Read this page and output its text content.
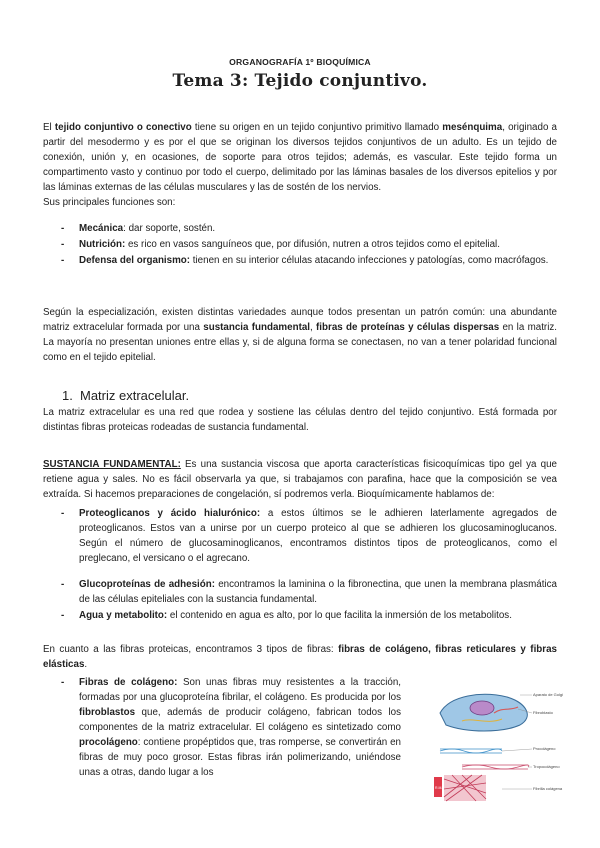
ORGANOGRAFÍA 1º BIOQUÍMICA
Tema 3: Tejido conjuntivo.

El tejido conjuntivo o conectivo tiene su origen en un tejido conjuntivo primitivo llamado mesénquima, originado a partir del mesodermo y es por el que se originan los diversos tejidos conjuntivos de un adulto. Es un tejido de conexión, unión y, en ocasiones, de soporte para otros tejidos; además, es vascular. Este tejido forma un compartimento vasto y continuo por todo el cuerpo, delimitado por las láminas basales de los diversos epitelios y por las láminas externas de las células musculares y las de sostén de los nervios.
Sus principales funciones son:

- Mecánica: dar soporte, sostén.
- Nutrición: es rico en vasos sanguíneos que, por difusión, nutren a otros tejidos como el epitelial.
- Defensa del organismo: tienen en su interior células atacando infecciones y patologías, como macrófagos.

Según la especialización, existen distintas variedades aunque todos presentan un patrón común: una abundante matriz extracelular formada por una sustancia fundamental, fibras de proteínas y células dispersas en la matriz. La mayoría no presentan uniones entre ellas y, si de alguna forma se conectasen, no van a tener polaridad funcional como en el tejido epitelial.

1. Matriz extracelular.

La matriz extracelular es una red que rodea y sostiene las células dentro del tejido conjuntivo. Está formada por distintas fibras proteicas rodeadas de sustancia fundamental.

SUSTANCIA FUNDAMENTAL: Es una sustancia viscosa que aporta características fisicoquímicas tipo gel ya que retiene agua y sales. No es fácil observarla ya que, si trabajamos con parafina, hace que la composición se vea extraída. Si hacemos preparaciones de congelación, sí podremos verla. Bioquímicamente hablamos de:

- Proteoglicanos y ácido hialurónico: a estos últimos se le adhieren laterlamente agregados de proteoglicanos. Estos van a unirse por un cuerpo proteico al que se adhieren los glucosaminoglucanos. Según el número de glucosaminoglicanos, encontramos distintos tipos de proteoglicanos, como el preglecano, el versicano o el agrecano.
- Glucoproteínas de adhesión: encontramos la laminina o la fibronectina, que unen la membrana plasmática de las células epiteliales con la sustancia fundamental.
- Agua y metabolito: el contenido en agua es alto, por lo que facilita la inmersión de los metabolitos.

En cuanto a las fibras proteicas, encontramos 3 tipos de fibras: fibras de colágeno, fibras reticulares y fibras elásticas.

- Fibras de colágeno: Son unas fibras muy resistentes a la tracción, formadas por una glucoproteína fibrilar, el colágeno. Es producida por los fibroblastos que, además de producir colágeno, fabrican todos los componentes de la matriz extracelular. El colágeno es sintetizado como procolágeno: contiene propéptidos que, tras romperse, se convertirán en fibras de muy poco grosor. Estas fibras irán polimerizando, uniéndose unas a otras, dando lugar a los
Aparato de Golgi
Fibroblasto
Procolágeno
Tropocolágeno
Fibrilla colágena
R.M.
